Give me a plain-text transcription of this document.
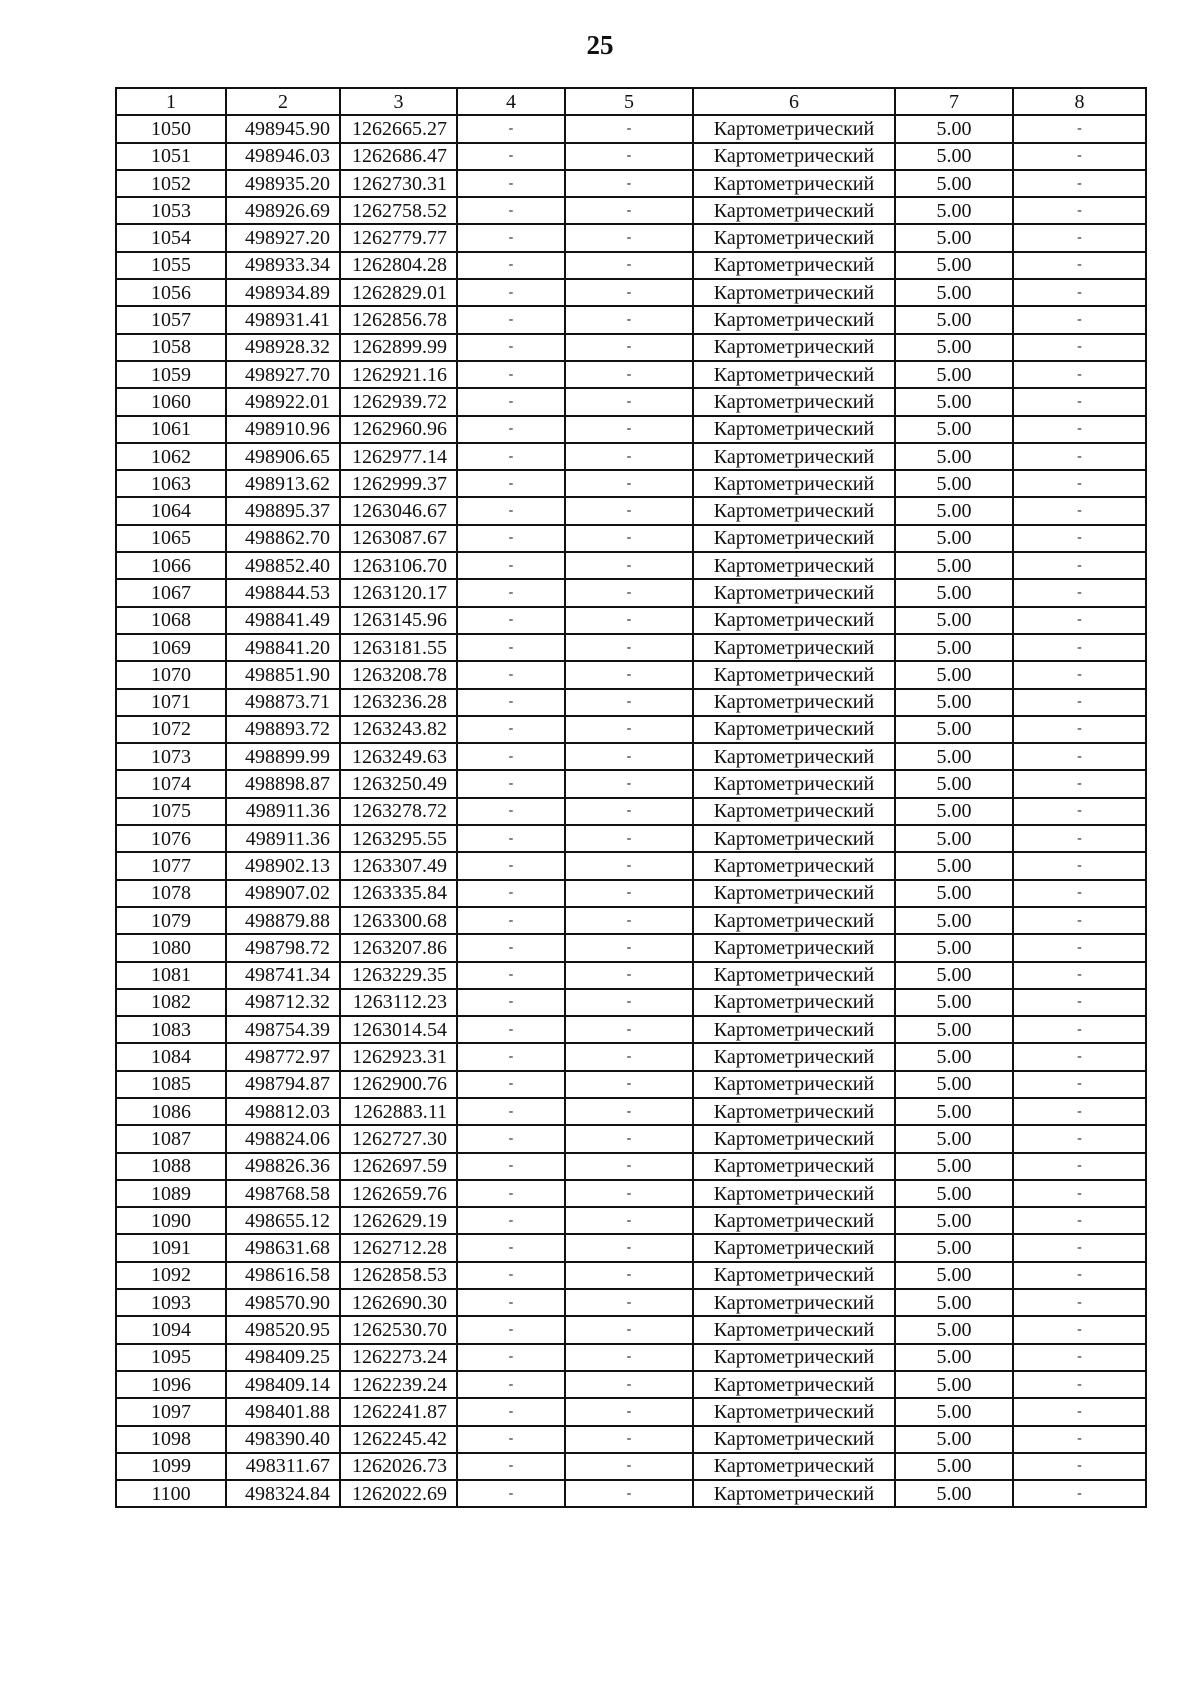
25
1	2	3	4	5	6	7	8
1050	498945.90	1262665.27	-	-	Картометрический	5.00	-
1051	498946.03	1262686.47	-	-	Картометрический	5.00	-
1052	498935.20	1262730.31	-	-	Картометрический	5.00	-
1053	498926.69	1262758.52	-	-	Картометрический	5.00	-
1054	498927.20	1262779.77	-	-	Картометрический	5.00	-
1055	498933.34	1262804.28	-	-	Картометрический	5.00	-
1056	498934.89	1262829.01	-	-	Картометрический	5.00	-
1057	498931.41	1262856.78	-	-	Картометрический	5.00	-
1058	498928.32	1262899.99	-	-	Картометрический	5.00	-
1059	498927.70	1262921.16	-	-	Картометрический	5.00	-
1060	498922.01	1262939.72	-	-	Картометрический	5.00	-
1061	498910.96	1262960.96	-	-	Картометрический	5.00	-
1062	498906.65	1262977.14	-	-	Картометрический	5.00	-
1063	498913.62	1262999.37	-	-	Картометрический	5.00	-
1064	498895.37	1263046.67	-	-	Картометрический	5.00	-
1065	498862.70	1263087.67	-	-	Картометрический	5.00	-
1066	498852.40	1263106.70	-	-	Картометрический	5.00	-
1067	498844.53	1263120.17	-	-	Картометрический	5.00	-
1068	498841.49	1263145.96	-	-	Картометрический	5.00	-
1069	498841.20	1263181.55	-	-	Картометрический	5.00	-
1070	498851.90	1263208.78	-	-	Картометрический	5.00	-
1071	498873.71	1263236.28	-	-	Картометрический	5.00	-
1072	498893.72	1263243.82	-	-	Картометрический	5.00	-
1073	498899.99	1263249.63	-	-	Картометрический	5.00	-
1074	498898.87	1263250.49	-	-	Картометрический	5.00	-
1075	498911.36	1263278.72	-	-	Картометрический	5.00	-
1076	498911.36	1263295.55	-	-	Картометрический	5.00	-
1077	498902.13	1263307.49	-	-	Картометрический	5.00	-
1078	498907.02	1263335.84	-	-	Картометрический	5.00	-
1079	498879.88	1263300.68	-	-	Картометрический	5.00	-
1080	498798.72	1263207.86	-	-	Картометрический	5.00	-
1081	498741.34	1263229.35	-	-	Картометрический	5.00	-
1082	498712.32	1263112.23	-	-	Картометрический	5.00	-
1083	498754.39	1263014.54	-	-	Картометрический	5.00	-
1084	498772.97	1262923.31	-	-	Картометрический	5.00	-
1085	498794.87	1262900.76	-	-	Картометрический	5.00	-
1086	498812.03	1262883.11	-	-	Картометрический	5.00	-
1087	498824.06	1262727.30	-	-	Картометрический	5.00	-
1088	498826.36	1262697.59	-	-	Картометрический	5.00	-
1089	498768.58	1262659.76	-	-	Картометрический	5.00	-
1090	498655.12	1262629.19	-	-	Картометрический	5.00	-
1091	498631.68	1262712.28	-	-	Картометрический	5.00	-
1092	498616.58	1262858.53	-	-	Картометрический	5.00	-
1093	498570.90	1262690.30	-	-	Картометрический	5.00	-
1094	498520.95	1262530.70	-	-	Картометрический	5.00	-
1095	498409.25	1262273.24	-	-	Картометрический	5.00	-
1096	498409.14	1262239.24	-	-	Картометрический	5.00	-
1097	498401.88	1262241.87	-	-	Картометрический	5.00	-
1098	498390.40	1262245.42	-	-	Картометрический	5.00	-
1099	498311.67	1262026.73	-	-	Картометрический	5.00	-
1100	498324.84	1262022.69	-	-	Картометрический	5.00	-
